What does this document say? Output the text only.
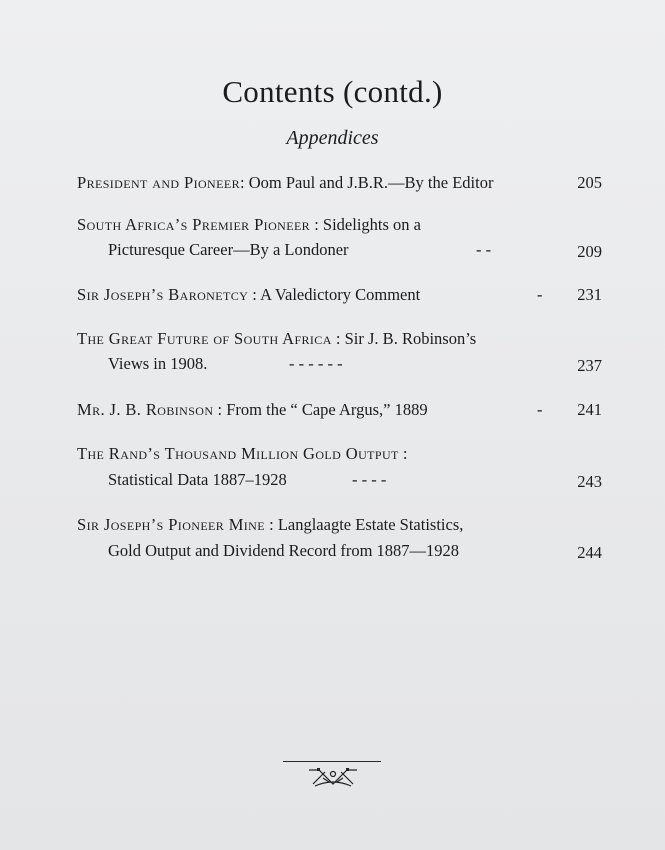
Contents (contd.)
Appendices
President and Pioneer: Oom Paul and J.B.R.—By the Editor	205
South Africa’s Premier Pioneer : Sidelights on a
Picturesque Career—By a Londoner	- -	209
Sir Joseph’s Baronetcy : A Valedictory Comment	-	231
The Great Future of South Africa : Sir J. B. Robinson’s
Views in 1908.	- - - - - -	237
Mr. J. B. Robinson : From the “ Cape Argus,” 1889	-	241
The Rand’s Thousand Million Gold Output :
Statistical Data 1887–1928	- - - -	243
Sir Joseph’s Pioneer Mine : Langlaagte Estate Statistics,
Gold Output and Dividend Record from 1887—1928	244
